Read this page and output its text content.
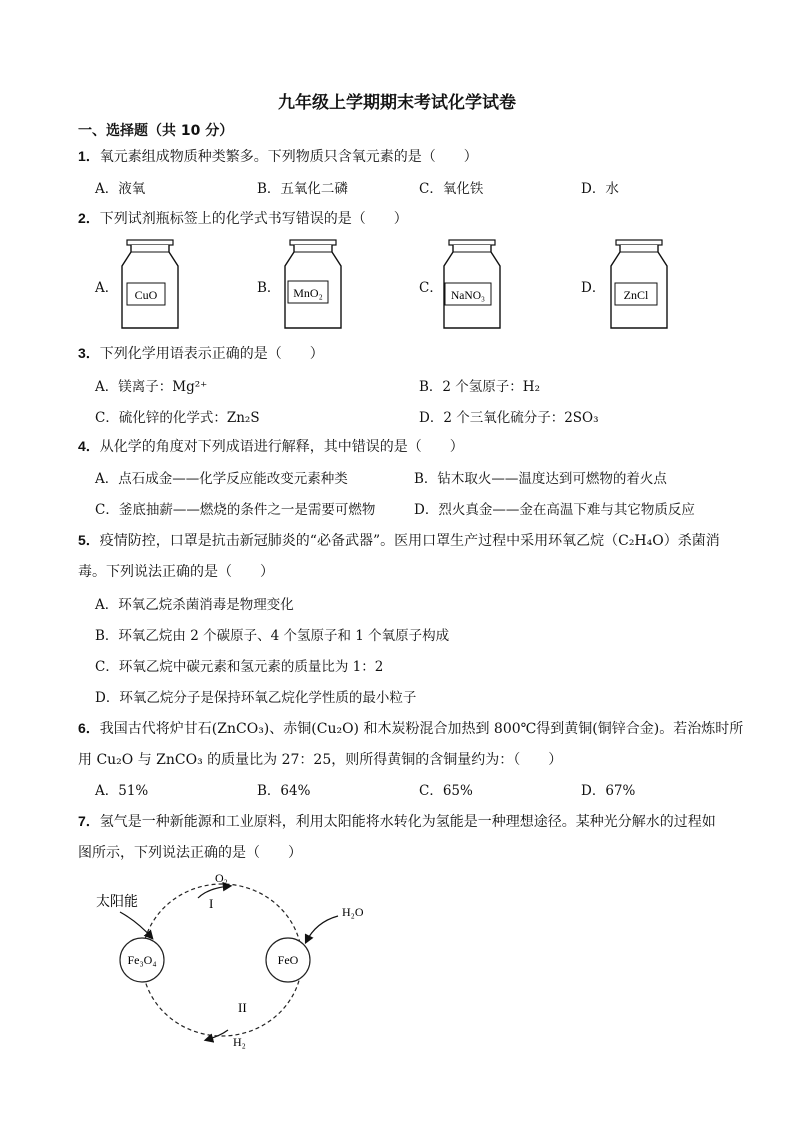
九年级上学期期末考试化学试卷
一、选择题（共 10 分）
1．氧元素组成物质种类繁多。下列物质只含氧元素的是（　　）
A．液氧	B．五氧化二磷	C．氧化铁	D．水
2．下列试剂瓶标签上的化学式书写错误的是（　　）
A．	B．	C．	D．
CuO	MnO₂	NaNO₃	ZnCl
3．下列化学用语表示正确的是（　　）
A．镁离子：Mg²⁺	B．2 个氢原子：H₂
C．硫化锌的化学式：Zn₂S	D．2 个三氧化硫分子：2SO₃
4．从化学的角度对下列成语进行解释，其中错误的是（　　）
A．点石成金——化学反应能改变元素种类	B．钻木取火——温度达到可燃物的着火点
C．釜底抽薪——燃烧的条件之一是需要可燃物	D．烈火真金——金在高温下难与其它物质反应
5．疫情防控，口罩是抗击新冠肺炎的“必备武器”。医用口罩生产过程中采用环氧乙烷（C₂H₄O）杀菌消
毒。下列说法正确的是（　　）
A．环氧乙烷杀菌消毒是物理变化
B．环氧乙烷由 2 个碳原子、4 个氢原子和 1 个氧原子构成
C．环氧乙烷中碳元素和氢元素的质量比为 1：2
D．环氧乙烷分子是保持环氧乙烷化学性质的最小粒子
6．我国古代将炉甘石(ZnCO₃)、赤铜(Cu₂O) 和木炭粉混合加热到 800℃得到黄铜(铜锌合金)。若治炼时所
用 Cu₂O 与 ZnCO₃ 的质量比为 27：25，则所得黄铜的含铜量约为：（　　）
A．51%	B．64%	C．65%	D．67%
7．氢气是一种新能源和工业原料，利用太阳能将水转化为氢能是一种理想途径。某种光分解水的过程如
图所示，下列说法正确的是（　　）
Fe₃O₄	FeO
太阳能
O₂
I
H₂O
II
H₂
